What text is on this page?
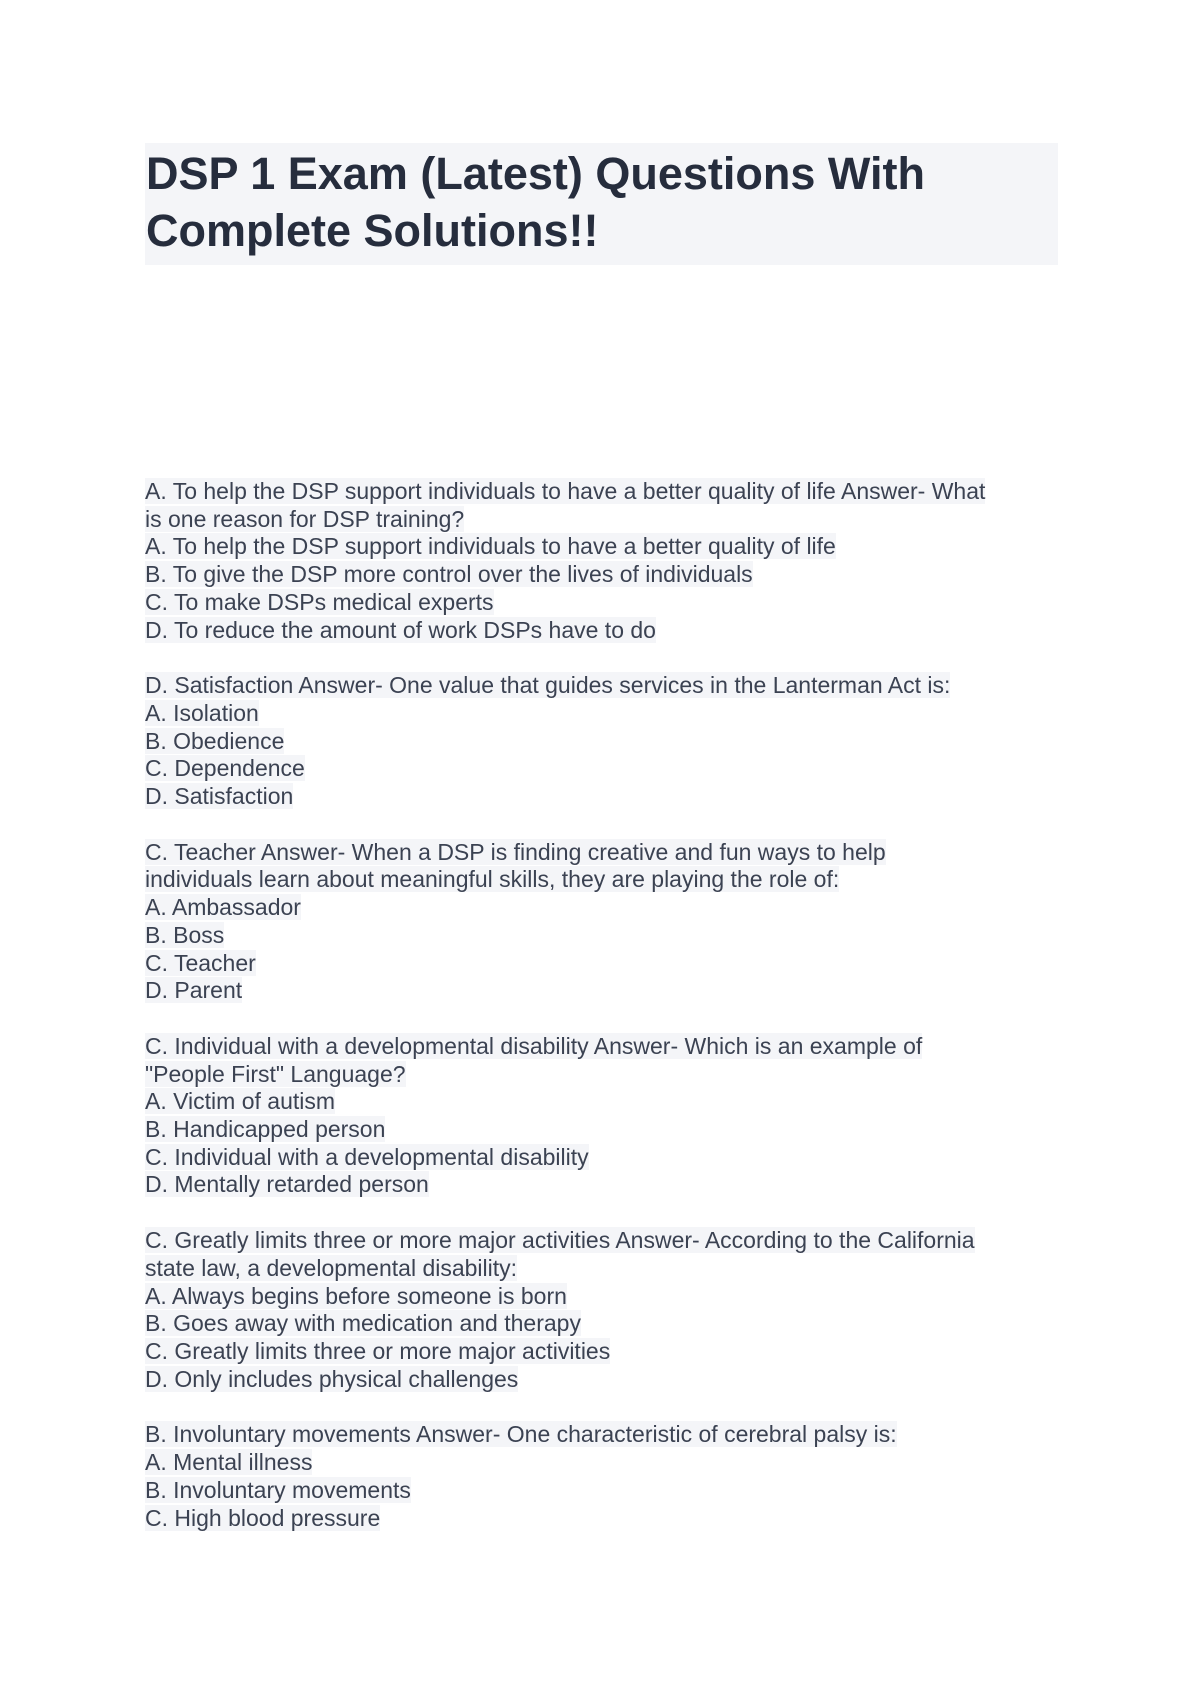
DSP 1 Exam (Latest) Questions With
Complete Solutions!!
A. To help the DSP support individuals to have a better quality of life Answer- What
is one reason for DSP training?
A. To help the DSP support individuals to have a better quality of life
B. To give the DSP more control over the lives of individuals
C. To make DSPs medical experts
D. To reduce the amount of work DSPs have to do
D. Satisfaction Answer- One value that guides services in the Lanterman Act is:
A. Isolation
B. Obedience
C. Dependence
D. Satisfaction
C. Teacher Answer- When a DSP is finding creative and fun ways to help
individuals learn about meaningful skills, they are playing the role of:
A. Ambassador
B. Boss
C. Teacher
D. Parent
C. Individual with a developmental disability Answer- Which is an example of
"People First" Language?
A. Victim of autism
B. Handicapped person
C. Individual with a developmental disability
D. Mentally retarded person
C. Greatly limits three or more major activities Answer- According to the California
state law, a developmental disability:
A. Always begins before someone is born
B. Goes away with medication and therapy
C. Greatly limits three or more major activities
D. Only includes physical challenges
B. Involuntary movements Answer- One characteristic of cerebral palsy is:
A. Mental illness
B. Involuntary movements
C. High blood pressure
